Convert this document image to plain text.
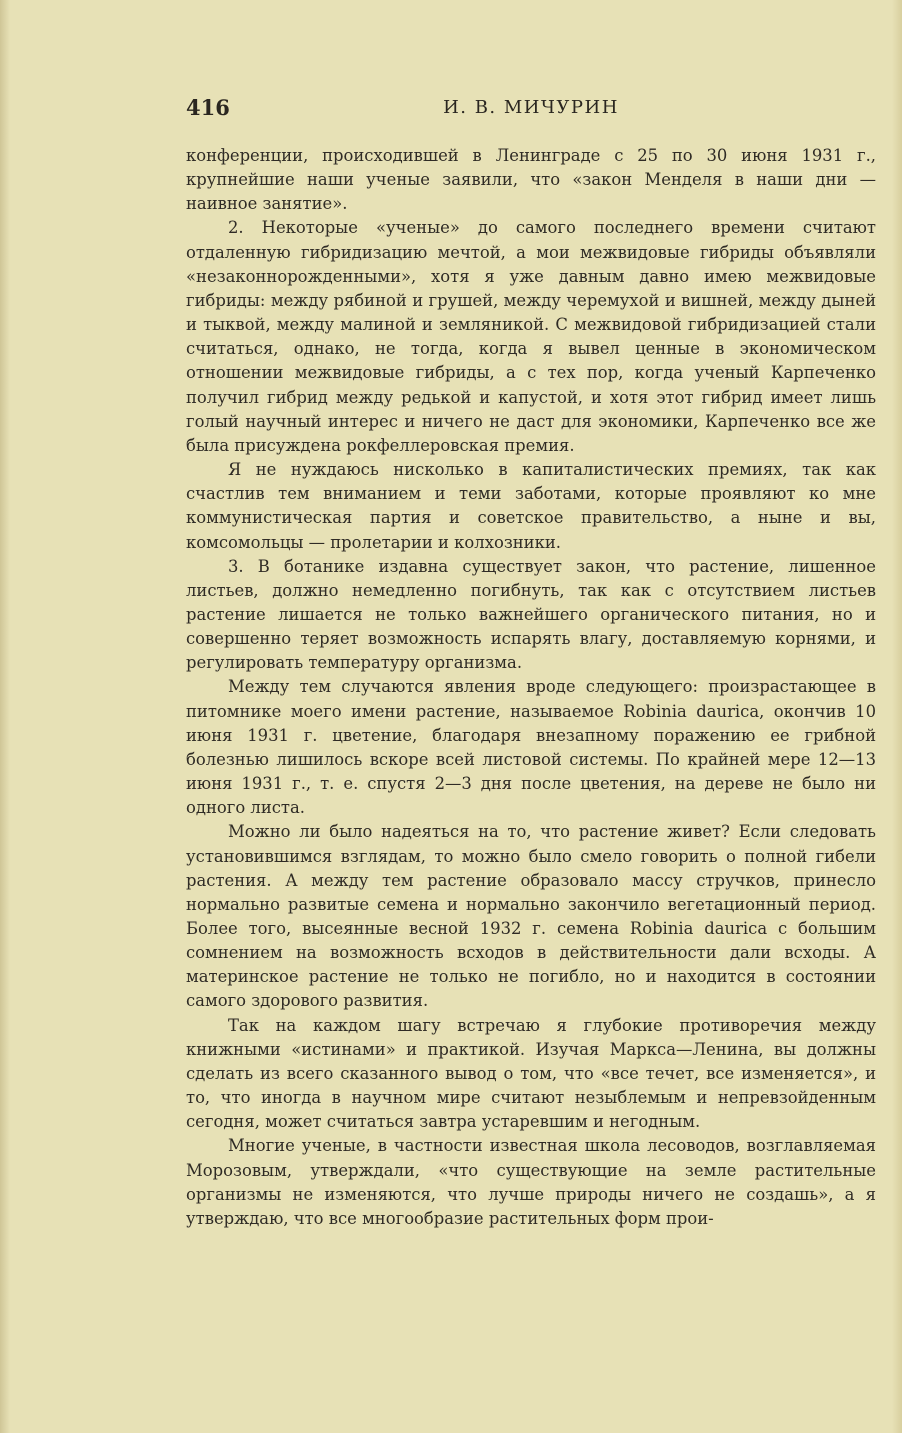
416	И. В. МИЧУРИН

конференции, происходившей в Ленинграде с 25 по 30 июня 1931 г., крупнейшие наши ученые заявили, что «закон Менделя в наши дни — наивное занятие».

2. Некоторые «ученые» до самого последнего времени считают отдаленную гибридизацию мечтой, а мои межвидовые гибриды объявляли «незаконнорожденными», хотя я уже давным давно имею межвидовые гибриды: между рябиной и грушей, между черемухой и вишней, между дыней и тыквой, между малиной и земляникой. С межвидовой гибридизацией стали считаться, однако, не тогда, когда я вывел ценные в экономическом отношении межвидовые гибриды, а с тех пор, когда ученый Карпеченко получил гибрид между редькой и капустой, и хотя этот гибрид имеет лишь голый научный интерес и ничего не даст для экономики, Карпеченко все же была присуждена рокфеллеровская премия.

Я не нуждаюсь нисколько в капиталистических премиях, так как счастлив тем вниманием и теми заботами, которые проявляют ко мне коммунистическая партия и советское правительство, а ныне и вы, комсомольцы — пролетарии и колхозники.

3. В ботанике издавна существует закон, что растение, лишенное листьев, должно немедленно погибнуть, так как с отсутствием листьев растение лишается не только важнейшего органического питания, но и совершенно теряет возможность испарять влагу, доставляемую корнями, и регулировать температуру организма.

Между тем случаются явления вроде следующего: произрастающее в питомнике моего имени растение, называемое Robinia daurica, окончив 10 июня 1931 г. цветение, благодаря внезапному поражению ее грибной болезнью лишилось вскоре всей листовой системы. По крайней мере 12—13 июня 1931 г., т. е. спустя 2—3 дня после цветения, на дереве не было ни одного листа.

Можно ли было надеяться на то, что растение живет? Если следовать установившимся взглядам, то можно было смело говорить о полной гибели растения. А между тем растение образовало массу стручков, принесло нормально развитые семена и нормально закончило вегетационный период. Более того, высеянные весной 1932 г. семена Robinia daurica с большим сомнением на возможность всходов в действительности дали всходы. А материнское растение не только не погибло, но и находится в состоянии самого здорового развития.

Так на каждом шагу встречаю я глубокие противоречия между книжными «истинами» и практикой. Изучая Маркса—Ленина, вы должны сделать из всего сказанного вывод о том, что «все течет, все изменяется», и то, что иногда в научном мире считают незыблемым и непревзойденным сегодня, может считаться завтра устаревшим и негодным.

Многие ученые, в частности известная школа лесоводов, возглавляемая Морозовым, утверждали, «что существующие на земле растительные организмы не изменяются, что лучше природы ничего не создашь», а я утверждаю, что все многообразие растительных форм прои-
